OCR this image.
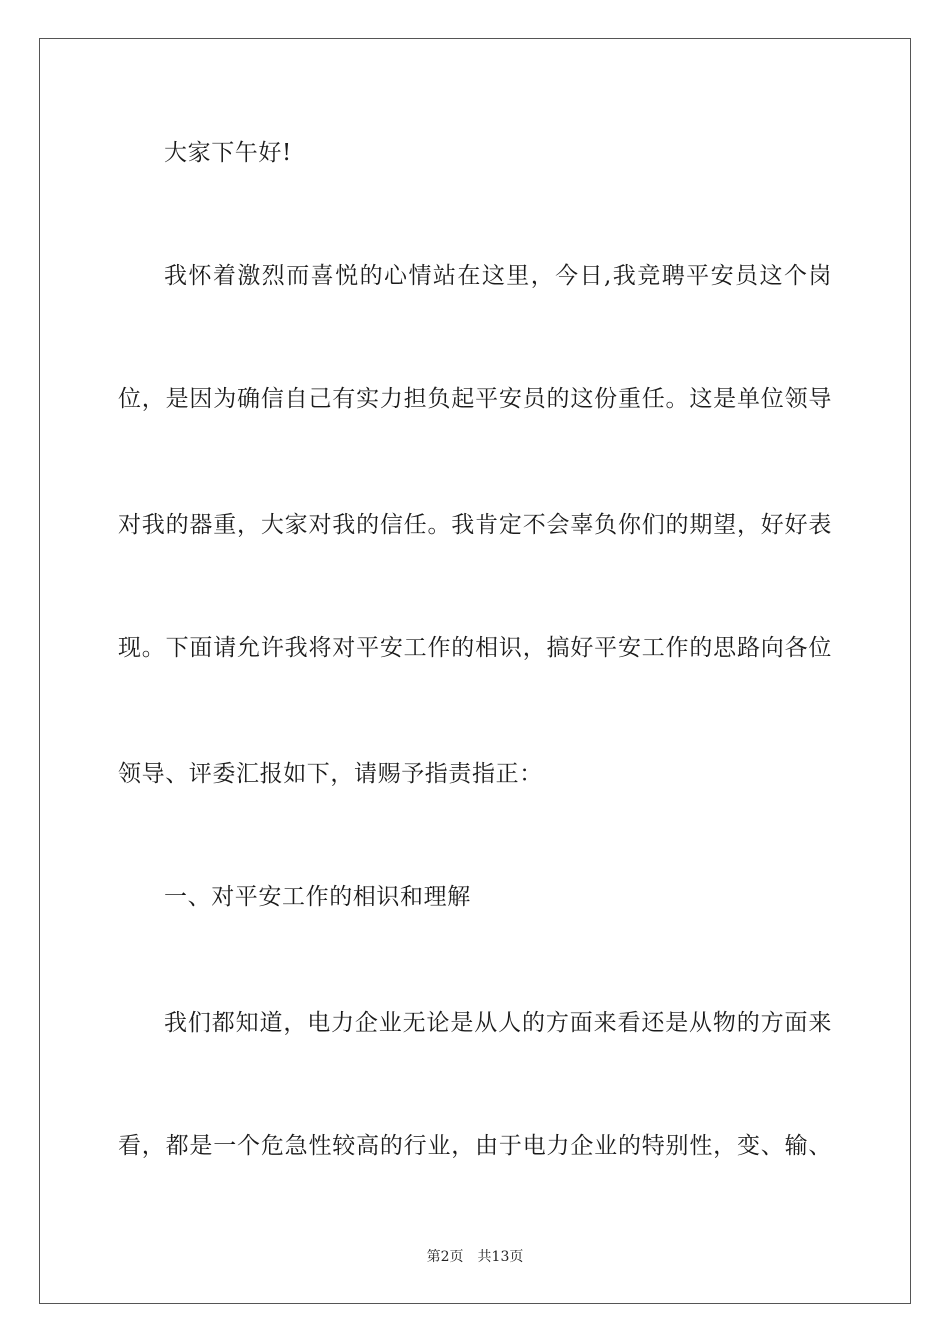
大家下午好!
我怀着激烈而喜悦的心情站在这里，今日,我竞聘平安员这个岗
位，是因为确信自己有实力担负起平安员的这份重任。这是单位领导
对我的器重，大家对我的信任。我肯定不会辜负你们的期望，好好表
现。下面请允许我将对平安工作的相识，搞好平安工作的思路向各位
领导、评委汇报如下，请赐予指责指正：
一、对平安工作的相识和理解
我们都知道，电力企业无论是从人的方面来看还是从物的方面来
看，都是一个危急性较高的行业，由于电力企业的特别性，变、输、
第2页 共13页
